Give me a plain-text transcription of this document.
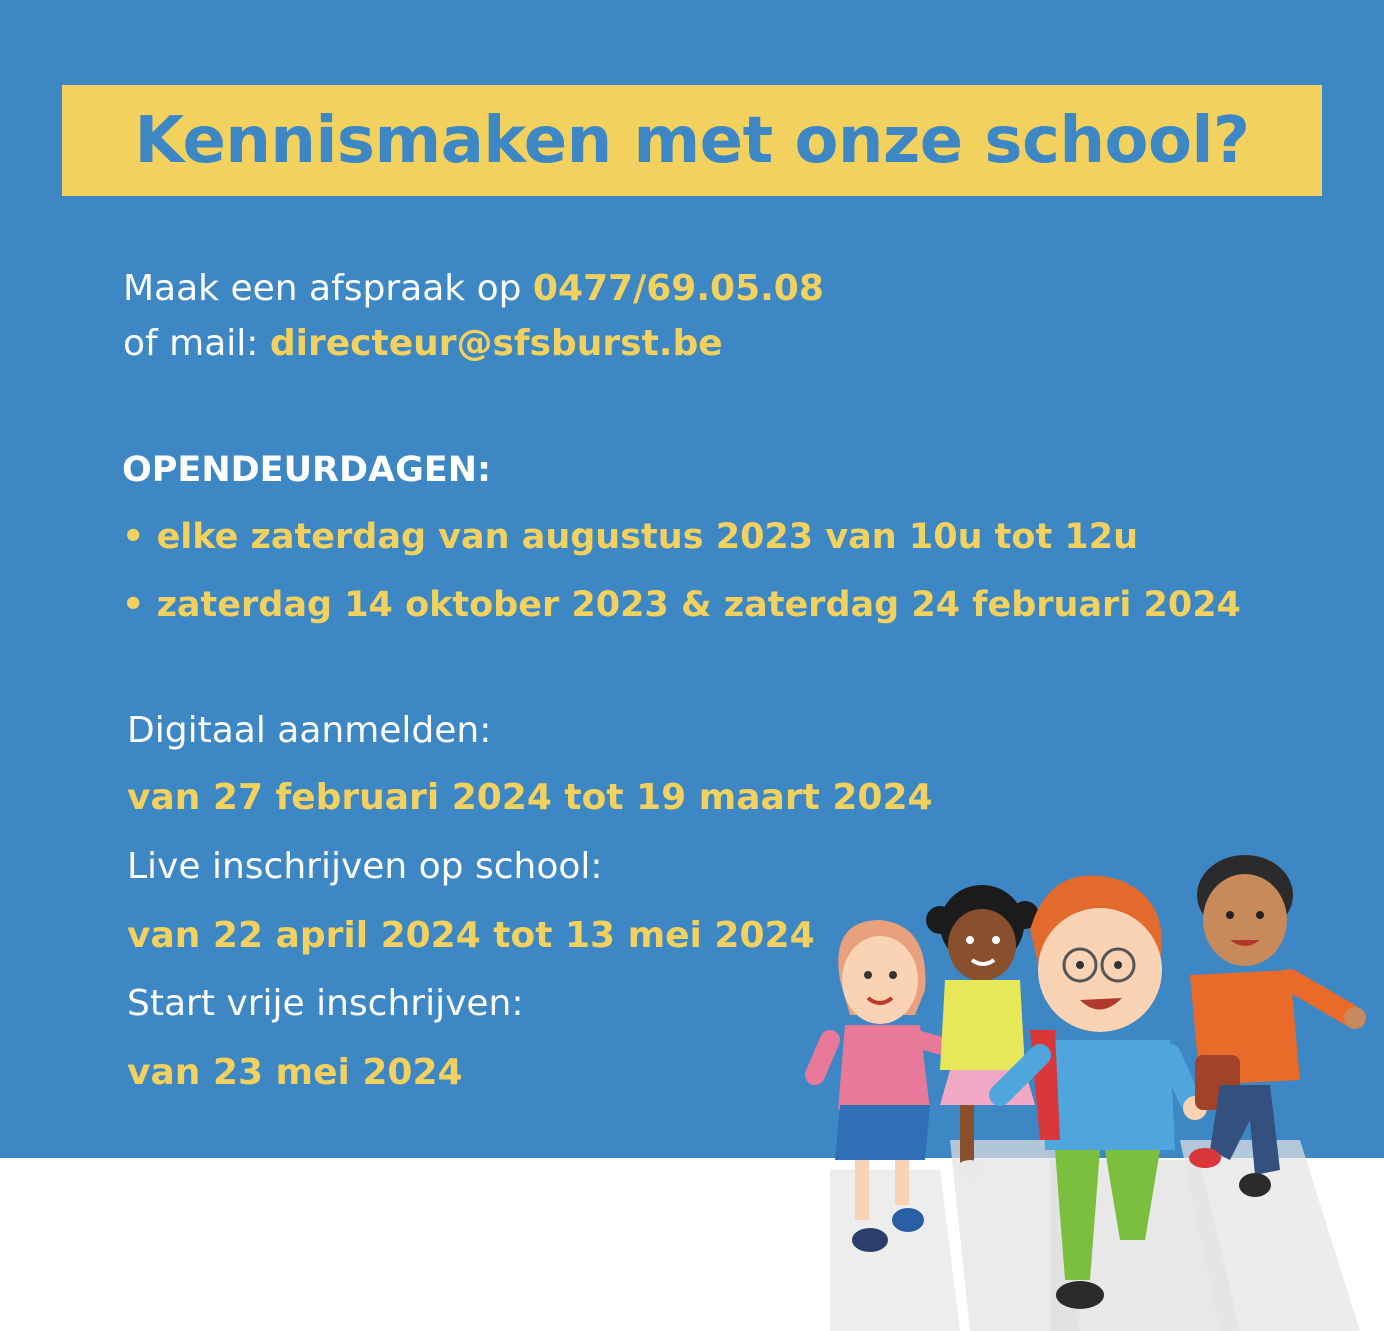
Kennismaken met onze school?
Maak een afspraak op 0477/69.05.08
of mail: directeur@sfsburst.be
OPENDEURDAGEN:
• elke zaterdag van augustus 2023 van 10u tot 12u
• zaterdag 14 oktober 2023 & zaterdag 24 februari 2024
Digitaal aanmelden:
van 27 februari 2024 tot 19 maart 2024
Live inschrijven op school:
van 22 april 2024 tot 13 mei 2024
Start vrije inschrijven:
van 23 mei 2024
